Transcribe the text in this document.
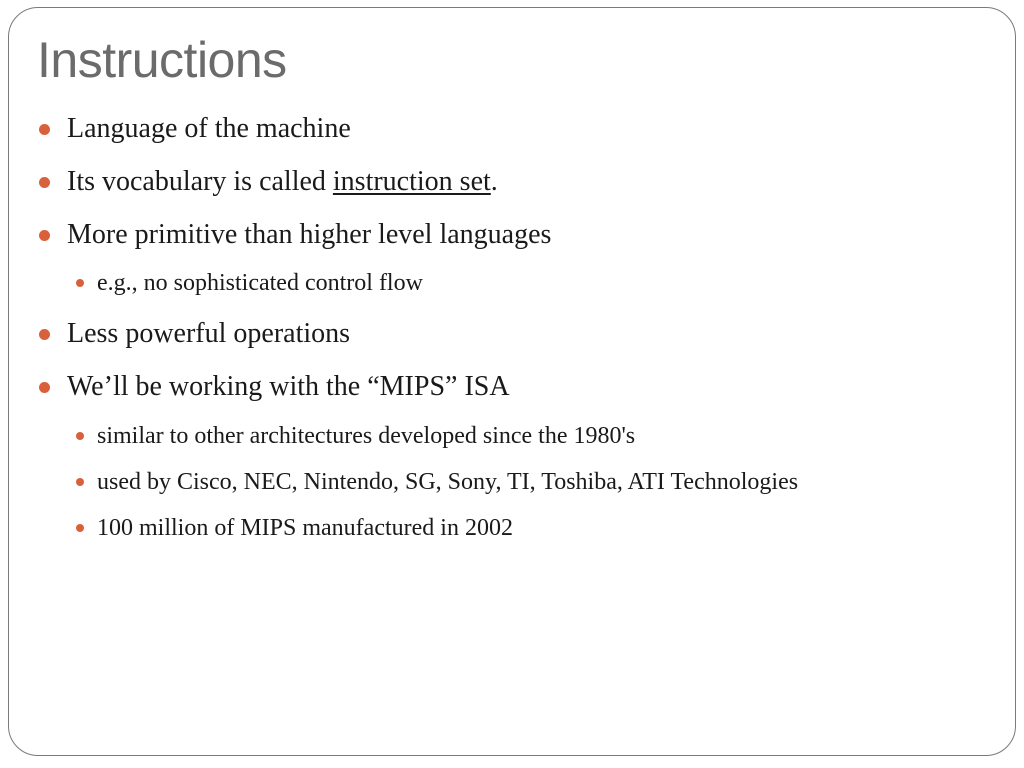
Instructions
Language of the machine
Its vocabulary is called instruction set.
More primitive than higher level languages
e.g., no sophisticated control flow
Less powerful operations
We’ll be working with the “MIPS” ISA
similar to other architectures developed since the 1980's
used by Cisco, NEC, Nintendo, SG, Sony, TI, Toshiba, ATI Technologies
100 million of MIPS manufactured in 2002
